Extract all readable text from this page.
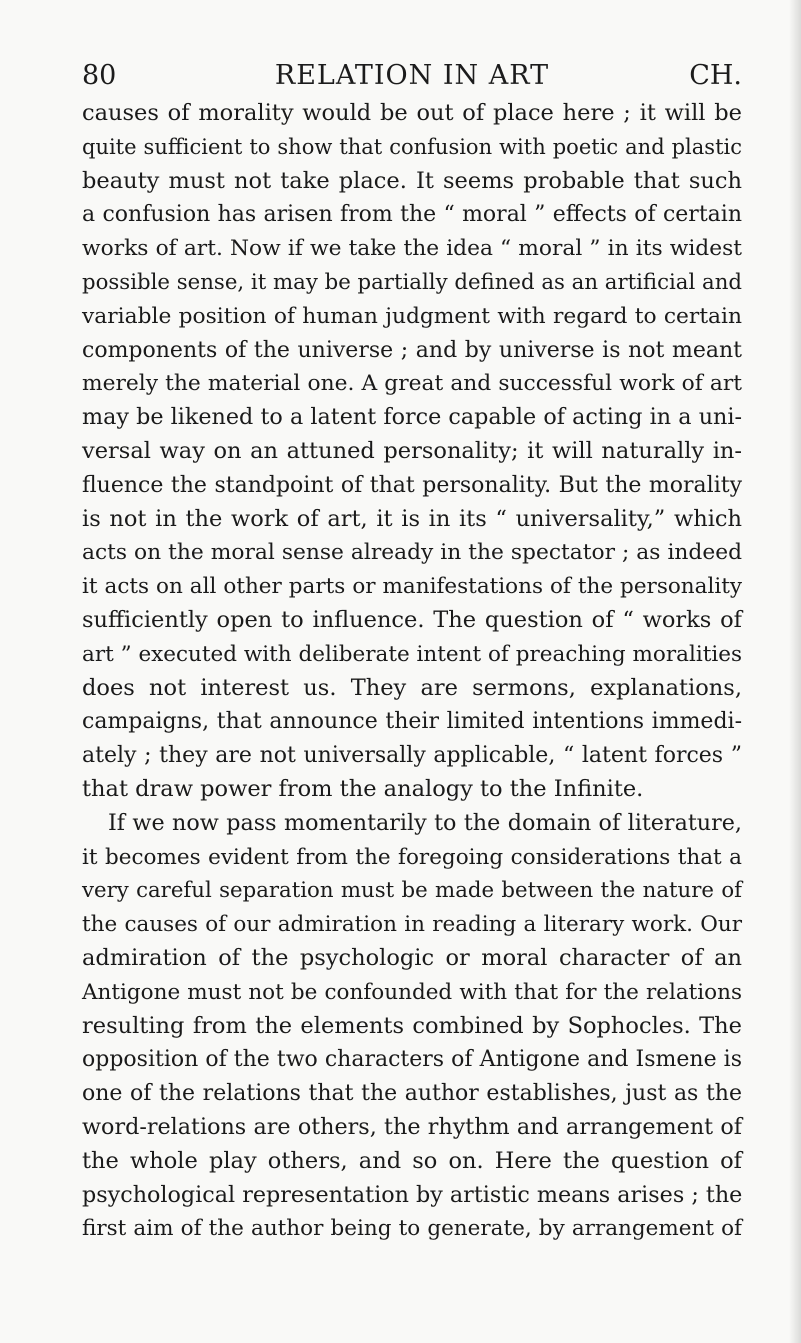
80	RELATION IN ART	CH.
causes of morality would be out of place here ; it will be
quite sufficient to show that confusion with poetic and plastic
beauty must not take place. It seems probable that such
a confusion has arisen from the “ moral ” effects of certain
works of art. Now if we take the idea “ moral ” in its widest
possible sense, it may be partially defined as an artificial and
variable position of human judgment with regard to certain
components of the universe ; and by universe is not meant
merely the material one. A great and successful work of art
may be likened to a latent force capable of acting in a uni-
versal way on an attuned personality; it will naturally in-
fluence the standpoint of that personality. But the morality
is not in the work of art, it is in its “ universality,” which
acts on the moral sense already in the spectator ; as indeed
it acts on all other parts or manifestations of the personality
sufficiently open to influence. The question of “ works of
art ” executed with deliberate intent of preaching moralities
does not interest us. They are sermons, explanations,
campaigns, that announce their limited intentions immedi-
ately ; they are not universally applicable, “ latent forces ”
that draw power from the analogy to the Infinite.
If we now pass momentarily to the domain of literature,
it becomes evident from the foregoing considerations that a
very careful separation must be made between the nature of
the causes of our admiration in reading a literary work. Our
admiration of the psychologic or moral character of an
Antigone must not be confounded with that for the relations
resulting from the elements combined by Sophocles. The
opposition of the two characters of Antigone and Ismene is
one of the relations that the author establishes, just as the
word-relations are others, the rhythm and arrangement of
the whole play others, and so on. Here the question of
psychological representation by artistic means arises ; the
first aim of the author being to generate, by arrangement of
